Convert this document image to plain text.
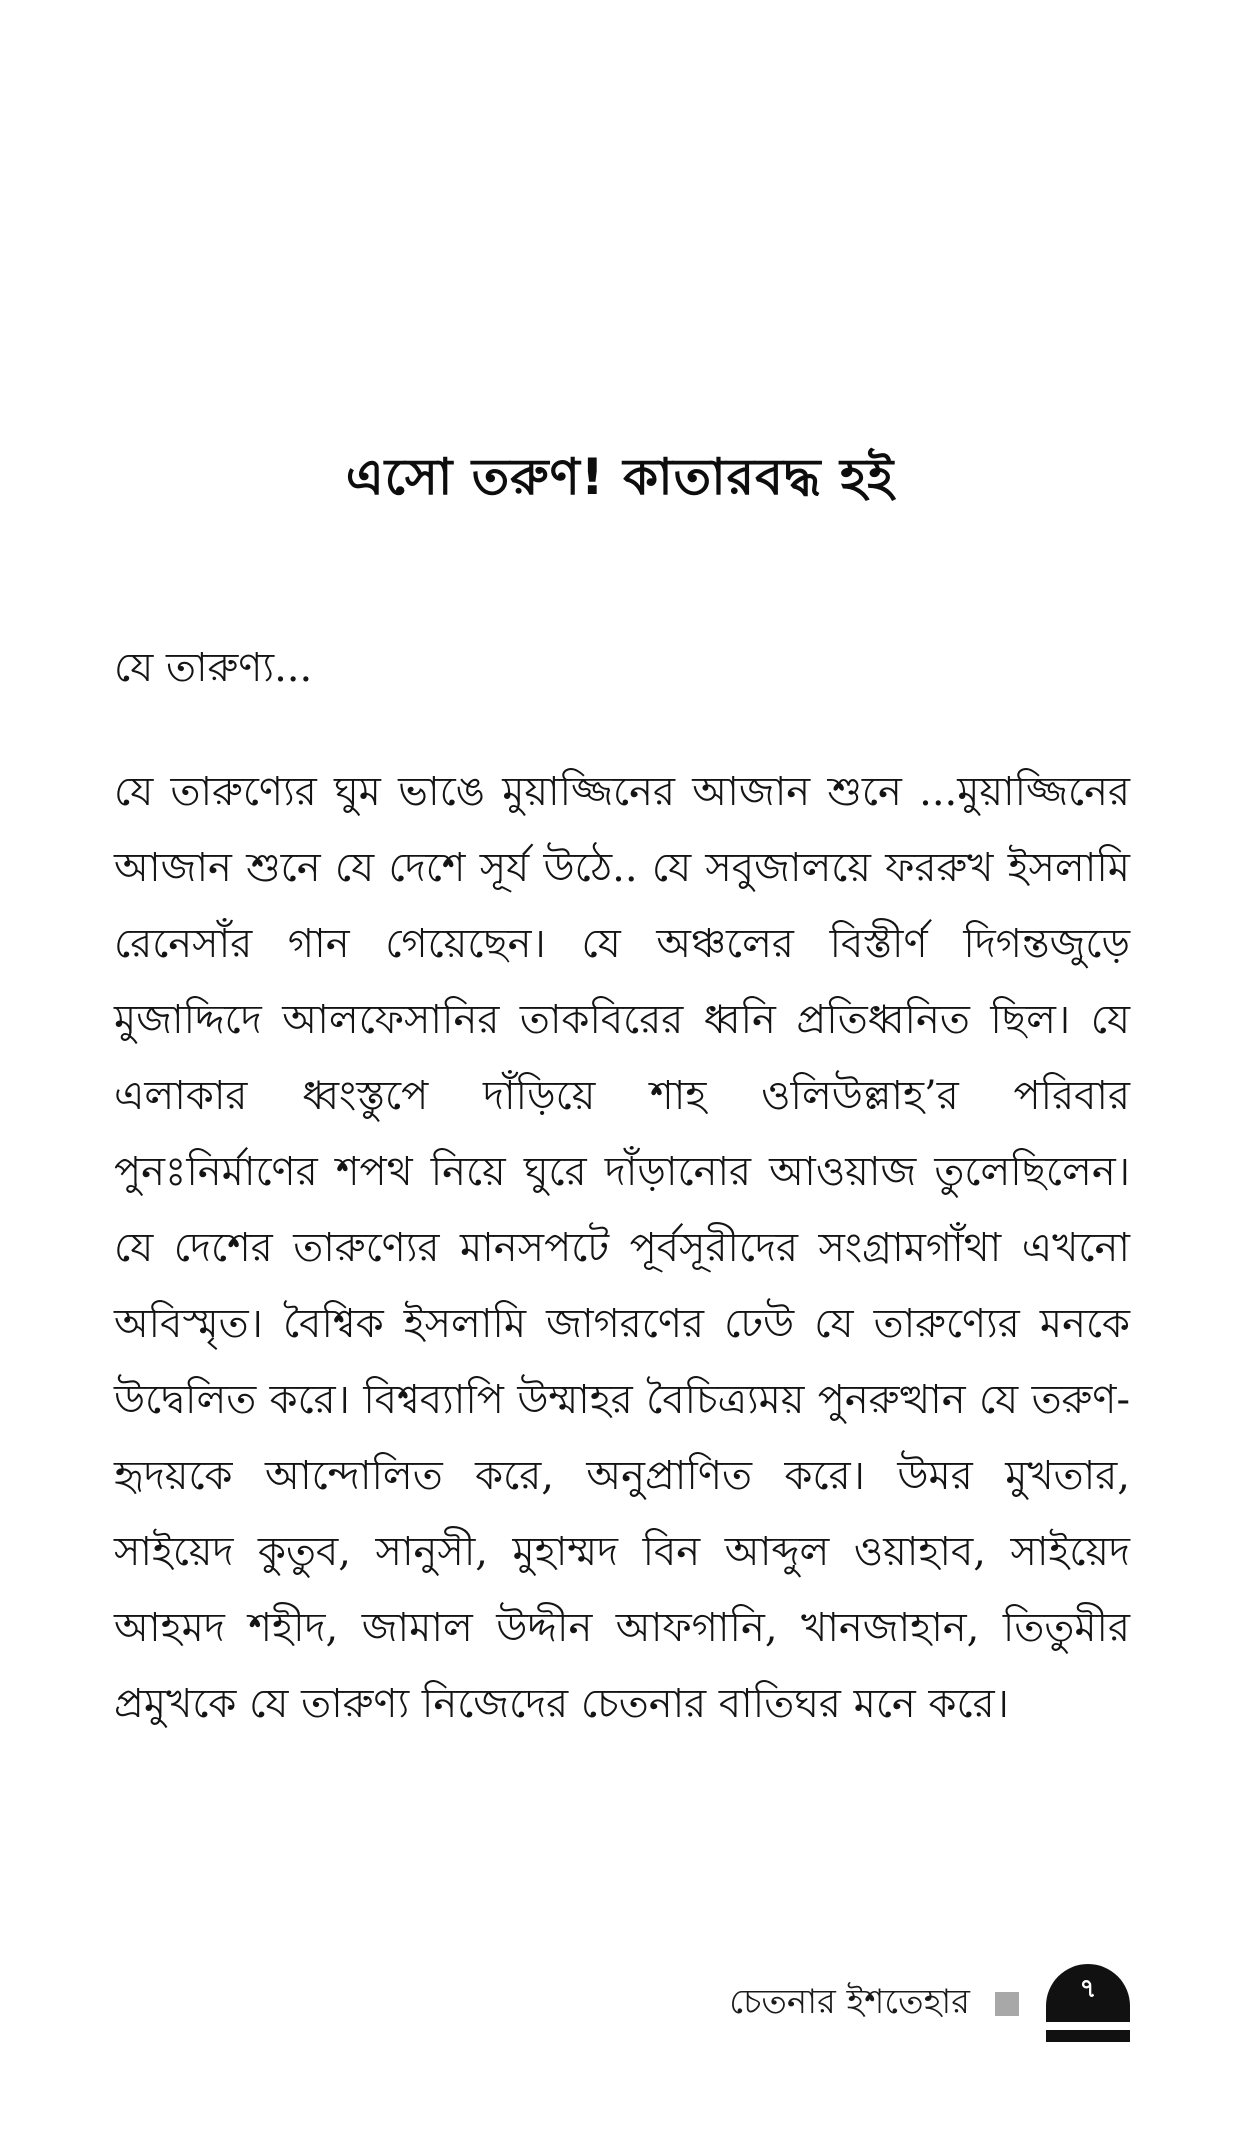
এসো তরুণ! কাতারবদ্ধ হই
যে তারুণ্য...
যে তারুণ্যের ঘুম ভাঙে মুয়াজ্জিনের আজান শুনে ...মুয়াজ্জিনের আজান শুনে যে দেশে সূর্য উঠে.. যে সবুজালয়ে ফররুখ ইসলামি রেনেসাঁর গান গেয়েছেন। যে অঞ্চলের বিস্তীর্ণ দিগন্তজুড়ে মুজাদ্দিদে আলফেসানির তাকবিরের ধ্বনি প্রতিধ্বনিত ছিল। যে এলাকার ধ্বংস্তুপে দাঁড়িয়ে শাহ ওলিউল্লাহ’র পরিবার পুনঃনির্মাণের শপথ নিয়ে ঘুরে দাঁড়ানোর আওয়াজ তুলেছিলেন। যে দেশের তারুণ্যের মানসপটে পূর্বসূরীদের সংগ্রামগাঁথা এখনো অবিস্মৃত। বৈশ্বিক ইসলামি জাগরণের ঢেউ যে তারুণ্যের মনকে উদ্বেলিত করে। বিশ্বব্যাপি উম্মাহর বৈচিত্র্যময় পুনরুত্থান যে তরুণ-হৃদয়কে আন্দোলিত করে, অনুপ্রাণিত করে। উমর মুখতার, সাইয়েদ কুতুব, সানুসী, মুহাম্মদ বিন আব্দুল ওয়াহাব, সাইয়েদ আহমদ শহীদ, জামাল উদ্দীন আফগানি, খানজাহান, তিতুমীর প্রমুখকে যে তারুণ্য নিজেদের চেতনার বাতিঘর মনে করে।
চেতনার ইশতেহার	৭
